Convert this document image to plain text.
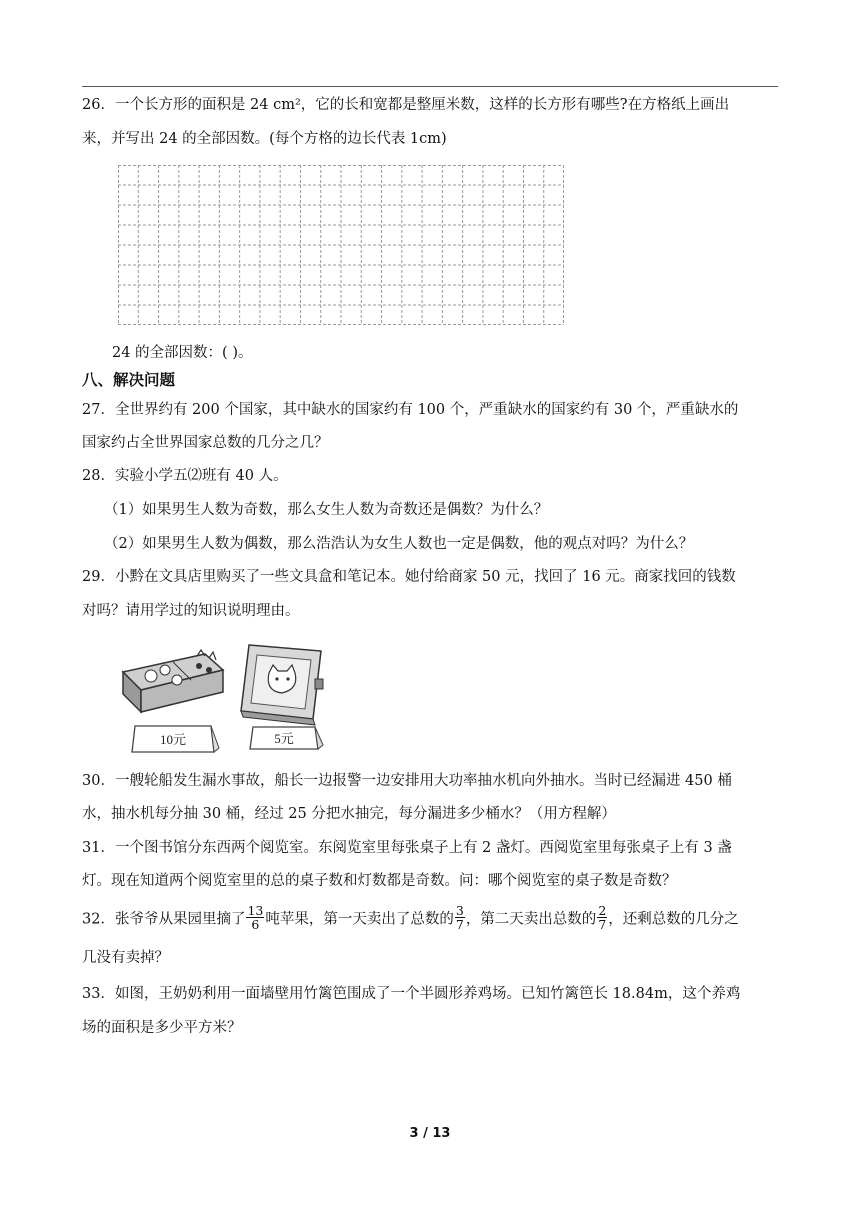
26．一个长方形的面积是 24 cm²，它的长和宽都是整厘米数，这样的长方形有哪些?在方格纸上画出
来，并写出 24 的全部因数。(每个方格的边长代表 1cm)
24 的全部因数：( )。
八、解决问题
27．全世界约有 200 个国家，其中缺水的国家约有 100 个，严重缺水的国家约有 30 个，严重缺水的
国家约占全世界国家总数的几分之几？
28．实验小学五⑵班有 40 人。
（1）如果男生人数为奇数，那么女生人数为奇数还是偶数？为什么？
（2）如果男生人数为偶数，那么浩浩认为女生人数也一定是偶数，他的观点对吗？为什么？
29．小黔在文具店里购买了一些文具盒和笔记本。她付给商家 50 元，找回了 16 元。商家找回的钱数
对吗？请用学过的知识说明理由。
10元	5元
30．一艘轮船发生漏水事故，船长一边报警一边安排用大功率抽水机向外抽水。当时已经漏进 450 桶
水，抽水机每分抽 30 桶，经过 25 分把水抽完，每分漏进多少桶水？（用方程解）
31．一个图书馆分东西两个阅览室。东阅览室里每张桌子上有 2 盏灯。西阅览室里每张桌子上有 3 盏
灯。现在知道两个阅览室里的总的桌子数和灯数都是奇数。问：哪个阅览室的桌子数是奇数？
32．张爷爷从果园里摘了 $\frac{13}{6}$ 吨苹果，第一天卖出了总数的 $\frac{3}{7}$ ，第二天卖出总数的 $\frac{2}{7}$ ，还剩总数的几分之
几没有卖掉？
33．如图，王奶奶利用一面墙壁用竹篱笆围成了一个半圆形养鸡场。已知竹篱笆长 18.84m，这个养鸡
场的面积是多少平方米？
3 / 13
